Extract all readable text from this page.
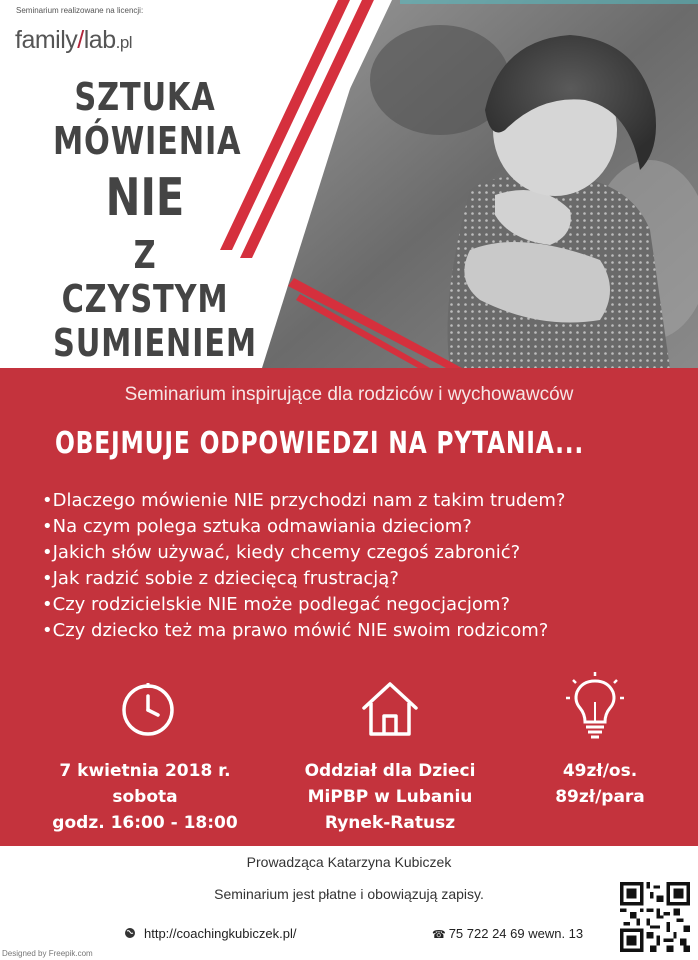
Seminarium realizowane na licencji:
family/lab.pl
SZTUKA
MÓWIENIA
NIE
Z CZYSTYM
SUMIENIEM
Seminarium inspirujące dla rodziców i wychowawców
OBEJMUJE ODPOWIEDZI NA PYTANIA...
• Dlaczego mówienie NIE przychodzi nam z takim trudem?
• Na czym polega sztuka odmawiania dzieciom?
• Jakich słów używać, kiedy chcemy czegoś zabronić?
• Jak radzić sobie z dziecięcą frustracją?
• Czy rodzicielskie NIE może podlegać negocjacjom?
• Czy dziecko też ma prawo mówić NIE swoim rodzicom?
7 kwietnia 2018 r.
sobota
godz. 16:00 - 18:00
Oddział dla Dzieci
MiPBP w Lubaniu
Rynek-Ratusz
49zł/os.
89zł/para
Prowadząca Katarzyna Kubiczek
Seminarium jest płatne i obowiązują zapisy.
http://coachingkubiczek.pl/	☎ 75 722 24 69 wewn. 13
Designed by Freepik.com
